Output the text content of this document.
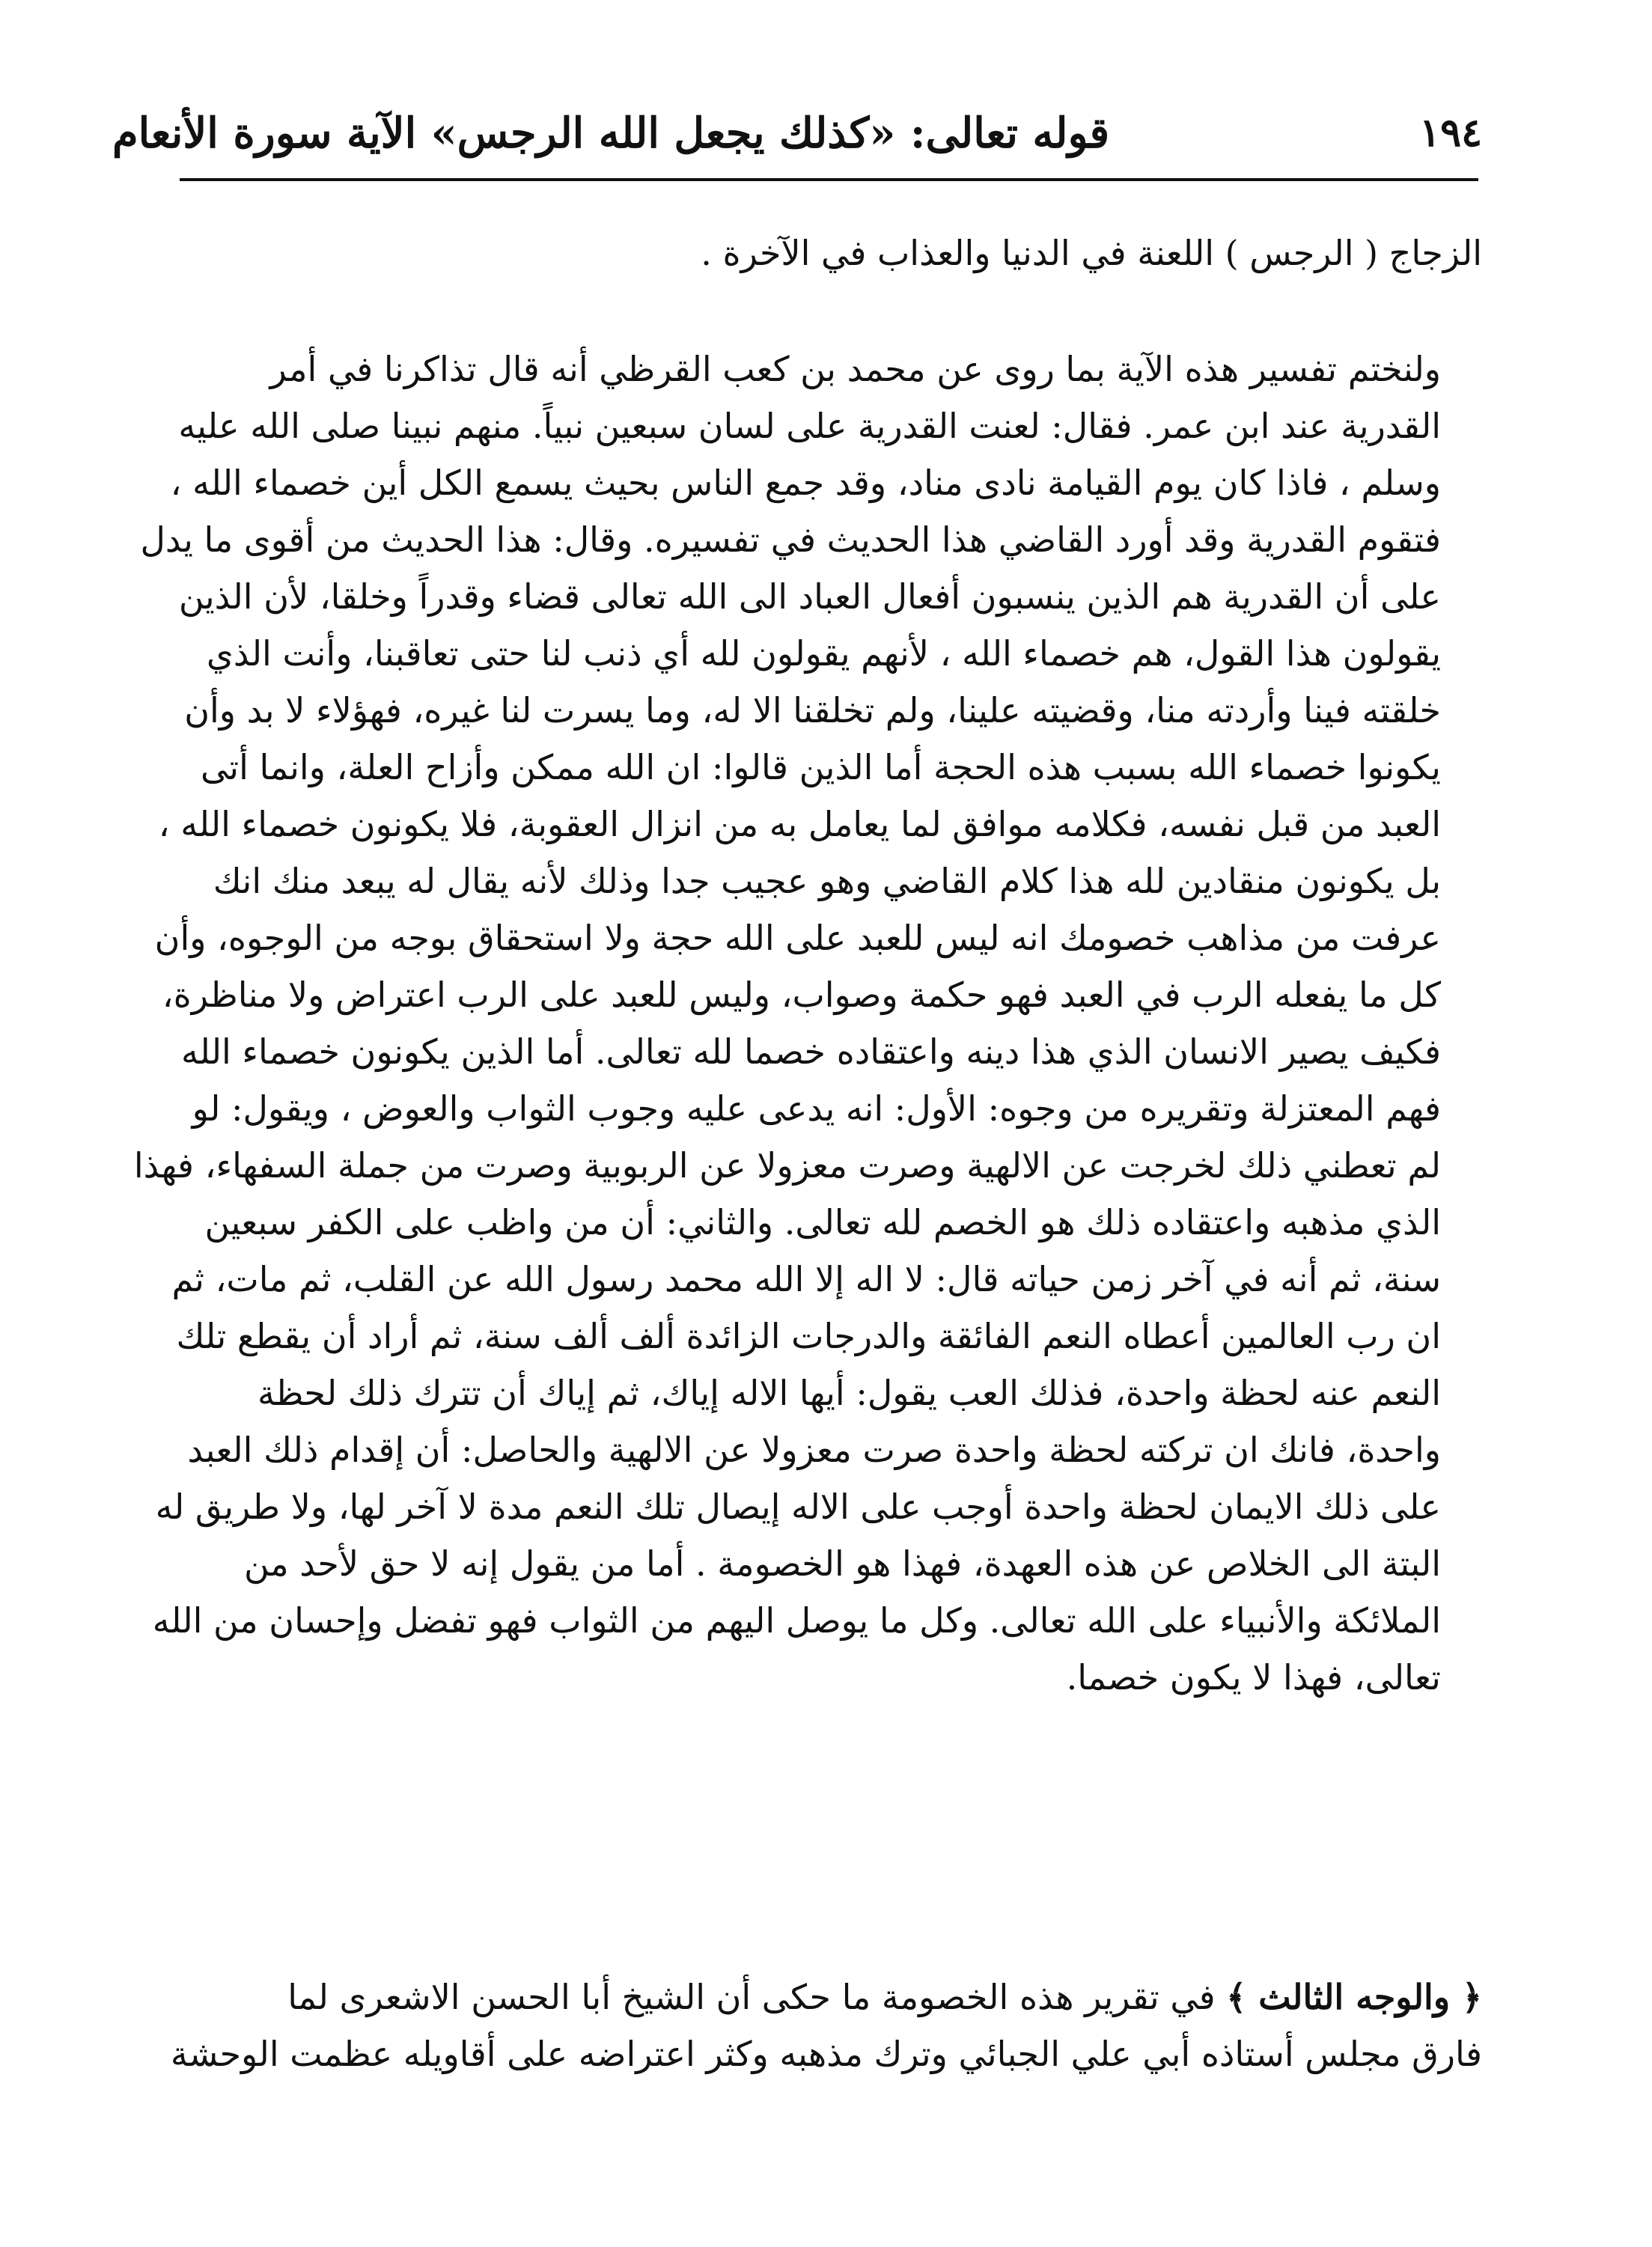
١٩٤
قوله تعالى: «كذلك يجعل الله الرجس» الآية سورة الأنعام
الزجاج ( الرجس ) اللعنة في الدنيا والعذاب في الآخرة .
ولنختم تفسير هذه الآية بما روى عن محمد بن كعب القرظي أنه قال تذاكرنا في أمر
القدرية عند ابن عمر. فقال: لعنت القدرية على لسان سبعين نبياً. منهم نبينا صلى الله عليه
وسلم ، فاذا كان يوم القيامة نادى مناد، وقد جمع الناس بحيث يسمع الكل أين خصماء الله ،
فتقوم القدرية وقد أورد القاضي هذا الحديث في تفسيره. وقال: هذا الحديث من أقوى ما يدل
على أن القدرية هم الذين ينسبون أفعال العباد الى الله تعالى قضاء وقدراً وخلقا، لأن الذين
يقولون هذا القول، هم خصماء الله ، لأنهم يقولون لله أي ذنب لنا حتى تعاقبنا، وأنت الذي
خلقته فينا وأردته منا، وقضيته علينا، ولم تخلقنا الا له، وما يسرت لنا غيره، فهؤلاء لا بد وأن
يكونوا خصماء الله بسبب هذه الحجة أما الذين قالوا: ان الله ممكن وأزاح العلة، وانما أتى
العبد من قبل نفسه، فكلامه موافق لما يعامل به من انزال العقوبة، فلا يكونون خصماء الله ،
بل يكونون منقادين لله هذا كلام القاضي وهو عجيب جدا وذلك لأنه يقال له يبعد منك انك
عرفت من مذاهب خصومك انه ليس للعبد على الله حجة ولا استحقاق بوجه من الوجوه، وأن
كل ما يفعله الرب في العبد فهو حكمة وصواب، وليس للعبد على الرب اعتراض ولا مناظرة،
فكيف يصير الانسان الذي هذا دينه واعتقاده خصما لله تعالى. أما الذين يكونون خصماء الله
فهم المعتزلة وتقريره من وجوه: الأول: انه يدعى عليه وجوب الثواب والعوض ، ويقول: لو
لم تعطني ذلك لخرجت عن الالهية وصرت معزولا عن الربوبية وصرت من جملة السفهاء، فهذا
الذي مذهبه واعتقاده ذلك هو الخصم لله تعالى. والثاني: أن من واظب على الكفر سبعين
سنة، ثم أنه في آخر زمن حياته قال: لا اله إلا الله محمد رسول الله عن القلب، ثم مات، ثم
ان رب العالمين أعطاه النعم الفائقة والدرجات الزائدة ألف ألف سنة، ثم أراد أن يقطع تلك
النعم عنه لحظة واحدة، فذلك العب يقول: أيها الاله إياك، ثم إياك أن تترك ذلك لحظة
واحدة، فانك ان تركته لحظة واحدة صرت معزولا عن الالهية والحاصل: أن إقدام ذلك العبد
على ذلك الايمان لحظة واحدة أوجب على الاله إيصال تلك النعم مدة لا آخر لها، ولا طريق له
البتة الى الخلاص عن هذه العهدة، فهذا هو الخصومة . أما من يقول إنه لا حق لأحد من
الملائكة والأنبياء على الله تعالى. وكل ما يوصل اليهم من الثواب فهو تفضل وإحسان من الله
تعالى، فهذا لا يكون خصما.
﴿ والوجه الثالث ﴾ في تقرير هذه الخصومة ما حكى أن الشيخ أبا الحسن الاشعرى لما
فارق مجلس أستاذه أبي علي الجبائي وترك مذهبه وكثر اعتراضه على أقاويله عظمت الوحشة
